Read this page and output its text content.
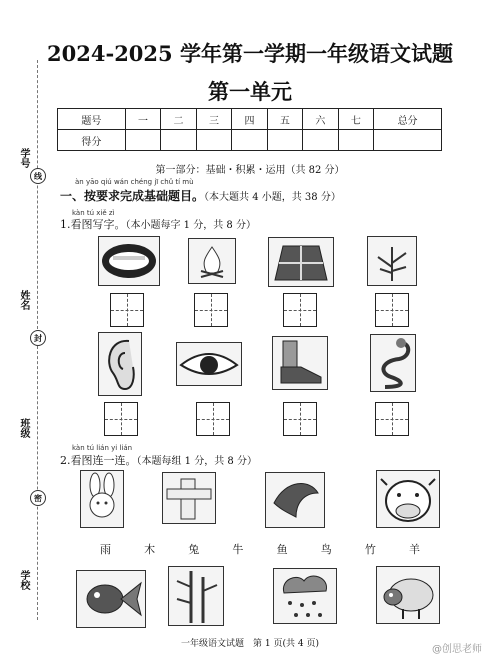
学号
姓名
班级
学校
线
封
密
2024-2025 学年第一学期一年级语文试题
第一单元
题号	一	二	三	四	五	六	七	总分
得分								
第一部分：基础・积累・运用（共 82 分）
àn yāo qiú wán chéng jī chǔ tí mù
一、按要求完成基础题目。（本大题共 4 小题，共 38 分）
kàn tú xiě zì
1.看图写字。（本小题每字 1 分，共 8 分）
kàn tú lián yi lián
2.看图连一连。（本题每组 1 分，共 8 分）
雨	木	兔	牛	鱼	鸟	竹	羊
一年级语文试题　第 1 页(共 4 页)	@创思老师
